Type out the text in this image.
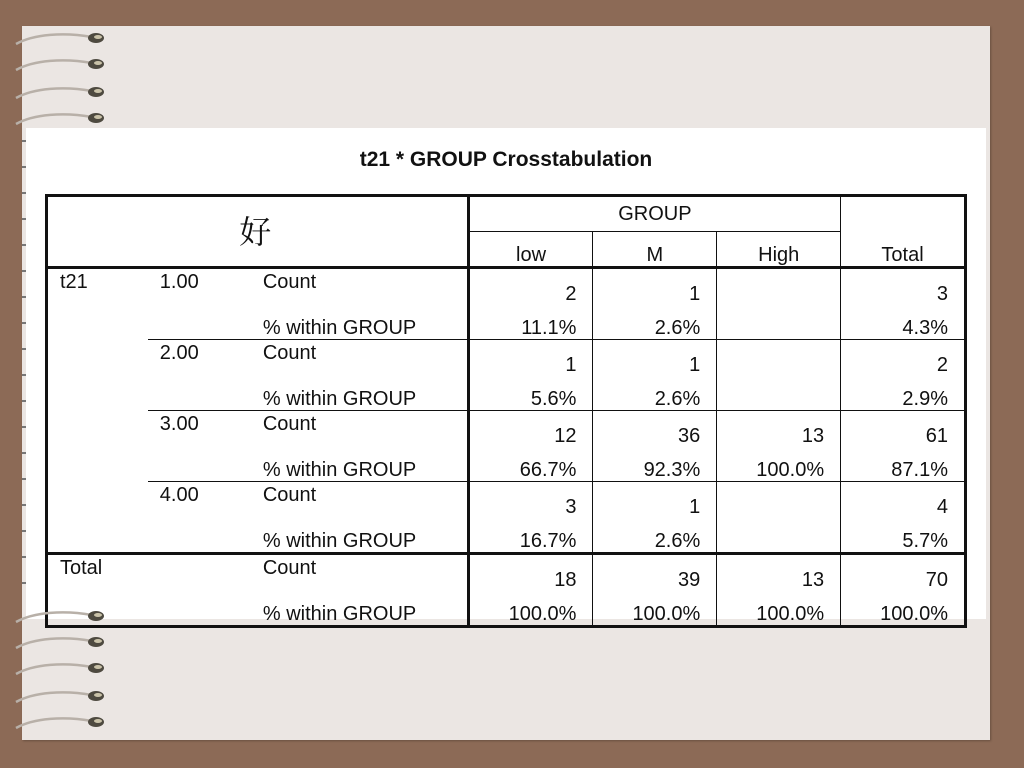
t21 * GROUP Crosstabulation
好			GROUP			Total
			low	M	High	
t21	1.00	Count	2	1		3
		% within GROUP	11.1%	2.6%		4.3%
	2.00	Count	1	1		2
		% within GROUP	5.6%	2.6%		2.9%
	3.00	Count	12	36	13	61
		% within GROUP	66.7%	92.3%	100.0%	87.1%
	4.00	Count	3	1		4
		% within GROUP	16.7%	2.6%		5.7%
Total		Count	18	39	13	70
		% within GROUP	100.0%	100.0%	100.0%	100.0%
